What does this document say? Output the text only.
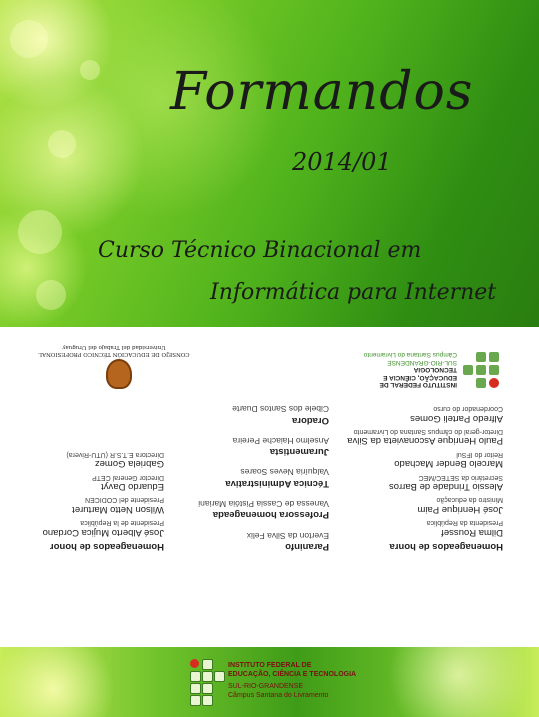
Formandos
2014/01
Curso Técnico Binacional em
Informática para Internet
Homenageados de honra
Dilma Roussef
Presidenta da República
José Henrique Paim
Ministro da educação
Alessio Trindade de Barros
Secretário da SETEC/MEC
Marcelo Bender Machado
Reitor do IFSul
Paulo Henrique Asconavieta da Silva
Diretor-geral do câmpus Santana do Livramento
Alfredo Parteli Gomes
Coordenador do curso
Paraninfo
Everton da Silva Felix
Professora homenageada
Vanessa de Cassia Pistóia Mariani
Técnica Administrativa
Valquíria Neves Soares
Juramentista
Anselmo Haiache Pereira
Oradora
Cibele dos Santos Duarte
Homenageados de honor
José Alberto Mujica Cordano
Presidente de la República
Wilson Netto Marturet
Presidente del CODICEN
Eduardo Davyt
Director General CETP
Gabriela Gomez
Directora E.T.S.R (UTU-Rivera)
INSTITUTO FEDERAL DE
EDUCAÇÃO, CIÊNCIA E TECNOLOGIA
SUL-RIO-GRANDENSE
Câmpus Santana do Livramento
CONSEJO DE EDUCACIÓN TÉCNICO PROFESIONAL
Universidad del Trabajo del Uruguay
INSTITUTO FEDERAL DE
EDUCAÇÃO, CIÊNCIA E TECNOLOGIA
SUL-RIO-GRANDENSE
Câmpus Santana do Livramento
